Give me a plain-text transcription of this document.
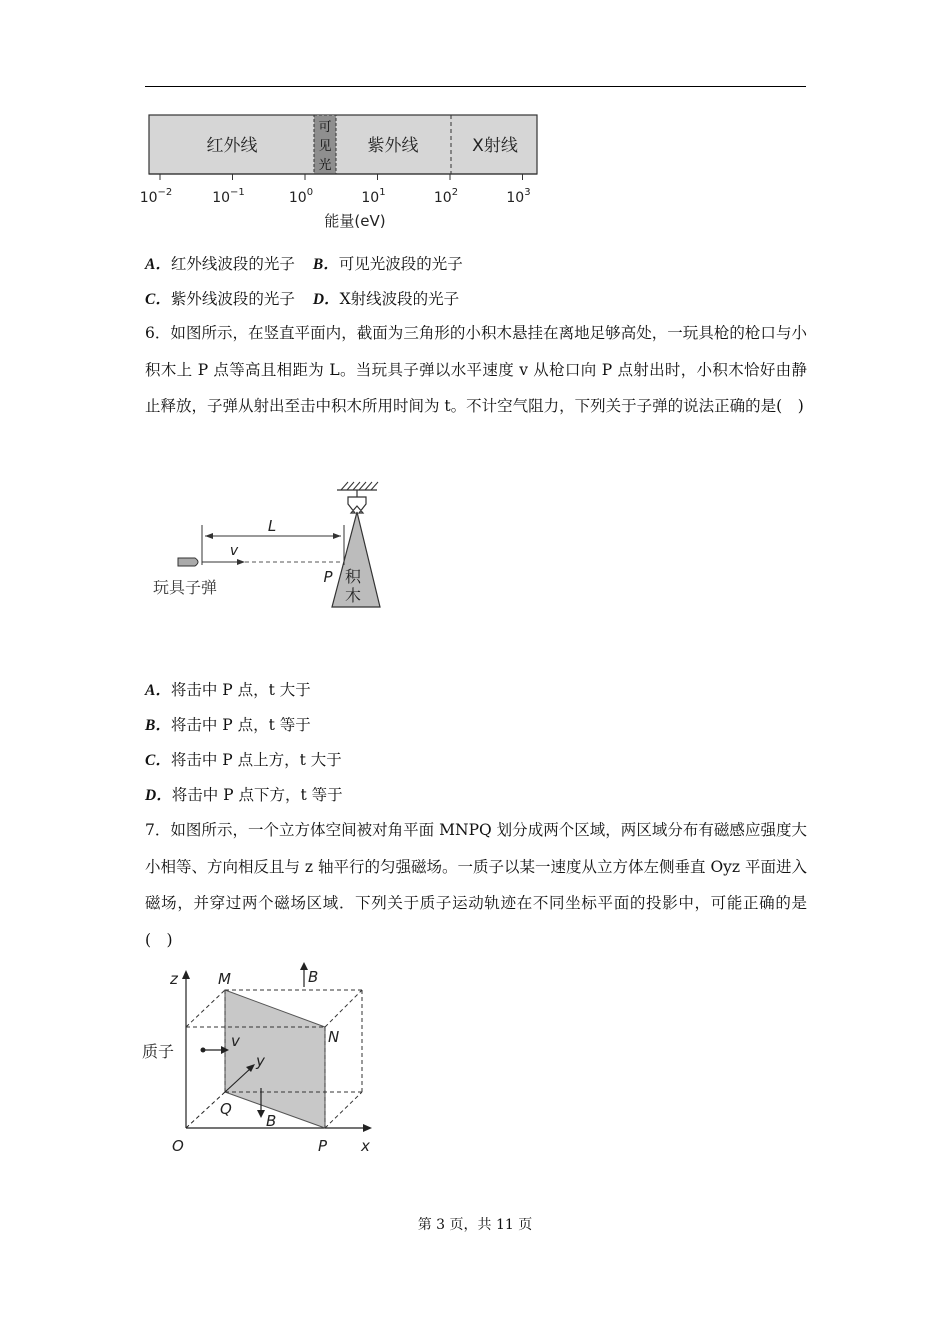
红外线	紫外线	X射线
可
见
光
$10^{-2}$	$10^{-1}$	$10^0$	$10^1$	$10^2$	$10^3$
能量(eV)
A．红外线波段的光子 B．可见光波段的光子
C．紫外线波段的光子 D．X射线波段的光子
6．如图所示，在竖直平面内，截面为三角形的小积木悬挂在离地足够高处，一玩具枪的枪口与小积木上 P 点等高且相距为 L。当玩具子弹以水平速度 v 从枪口向 P 点射出时，小积木恰好由静止释放，子弹从射出至击中积木所用时间为 t。不计空气阻力，下列关于子弹的说法正确的是(　)
积
木
L
v
P
玩具子弹
A．将击中 P 点，t 大于
B．将击中 P 点，t 等于
C．将击中 P 点上方，t 大于
D．将击中 P 点下方，t 等于
7．如图所示，一个立方体空间被对角平面 MNPQ 划分成两个区域，两区域分布有磁感应强度大小相等、方向相反且与 z 轴平行的匀强磁场。一质子以某一速度从立方体左侧垂直 Oyz 平面进入磁场，并穿过两个磁场区域．下列关于质子运动轨迹在不同坐标平面的投影中，可能正确的是(　)
z	M	B
N
v
y
Q
B
O	P x
质子
第 3 页，共 11 页
